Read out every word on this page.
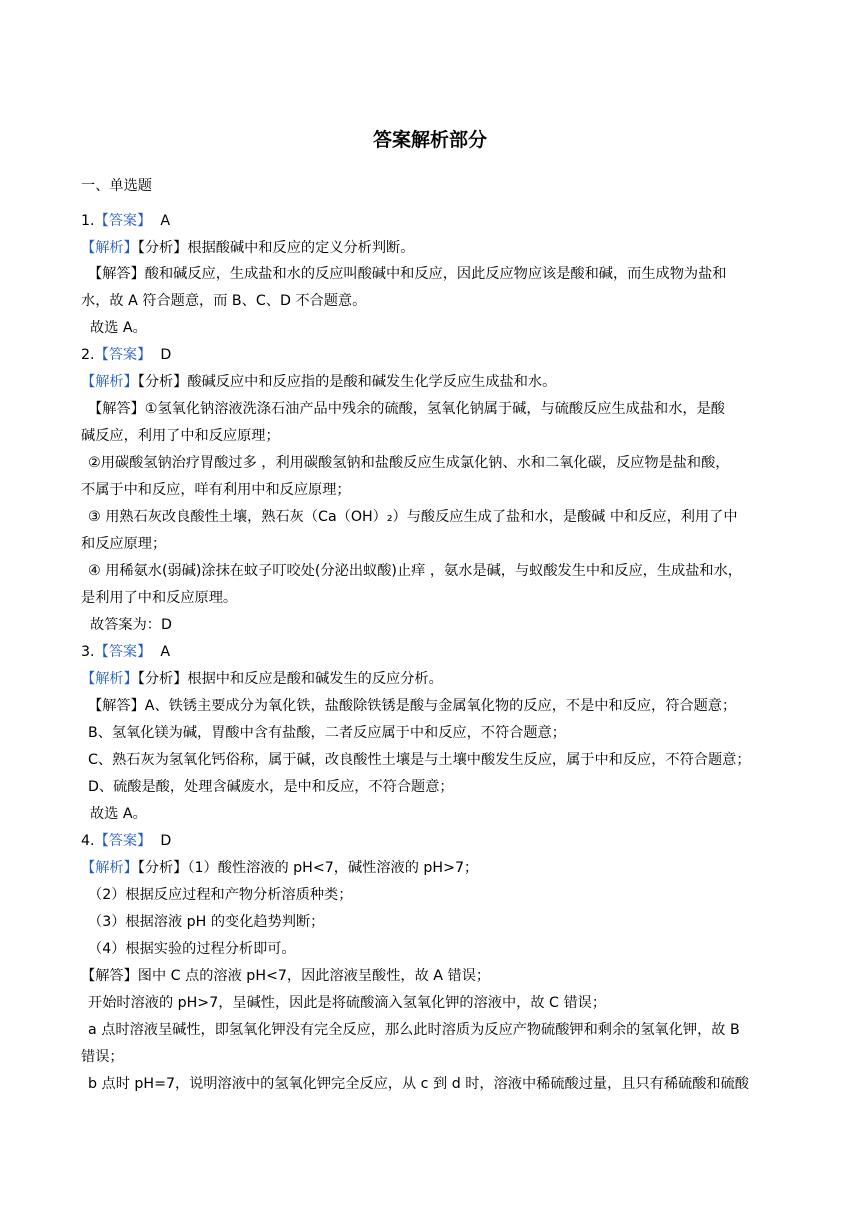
答案解析部分
一、单选题
1.【答案】 A
【解析】【分析】根据酸碱中和反应的定义分析判断。
【解答】酸和碱反应，生成盐和水的反应叫酸碱中和反应，因此反应物应该是酸和碱，而生成物为盐和
水，故 A 符合题意，而 B、C、D 不合题意。
故选 A。
2.【答案】 D
【解析】【分析】酸碱反应中和反应指的是酸和碱发生化学反应生成盐和水。
【解答】①氢氧化钠溶液洗涤石油产品中残余的硫酸，氢氧化钠属于碱，与硫酸反应生成盐和水，是酸
碱反应，利用了中和反应原理；
②用碳酸氢钠治疗胃酸过多 ，利用碳酸氢钠和盐酸反应生成氯化钠、水和二氧化碳，反应物是盐和酸，
不属于中和反应，咩有利用中和反应原理；
③ 用熟石灰改良酸性土壤，熟石灰（Ca（OH）₂）与酸反应生成了盐和水，是酸碱 中和反应，利用了中
和反应原理；
④ 用稀氨水(弱碱)涂抹在蚊子叮咬处(分泌出蚁酸)止痒 ，氨水是碱，与蚁酸发生中和反应，生成盐和水，
是利用了中和反应原理。
故答案为：D
3.【答案】 A
【解析】【分析】根据中和反应是酸和碱发生的反应分析。
【解答】A、铁锈主要成分为氧化铁，盐酸除铁锈是酸与金属氧化物的反应，不是中和反应，符合题意；
B、氢氧化镁为碱，胃酸中含有盐酸，二者反应属于中和反应，不符合题意；
C、熟石灰为氢氧化钙俗称，属于碱，改良酸性土壤是与土壤中酸发生反应，属于中和反应，不符合题意；
D、硫酸是酸，处理含碱废水，是中和反应，不符合题意；
故选 A。
4.【答案】 D
【解析】【分析】（1）酸性溶液的 pH<7，碱性溶液的 pH>7；
（2）根据反应过程和产物分析溶质种类；
（3）根据溶液 pH 的变化趋势判断；
（4）根据实验的过程分析即可。
【解答】图中 C 点的溶液 pH<7，因此溶液呈酸性，故 A 错误；
开始时溶液的 pH>7，呈碱性，因此是将硫酸滴入氢氧化钾的溶液中，故 C 错误；
a 点时溶液呈碱性，即氢氧化钾没有完全反应，那么此时溶质为反应产物硫酸钾和剩余的氢氧化钾，故 B
错误；
b 点时 pH=7，说明溶液中的氢氧化钾完全反应，从 c 到 d 时，溶液中稀硫酸过量，且只有稀硫酸和硫酸
